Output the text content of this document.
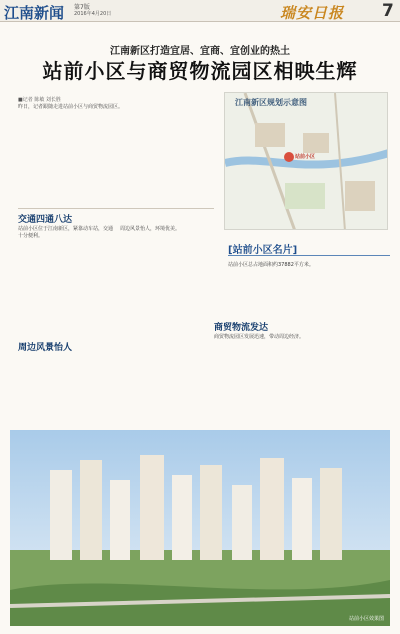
江南新闻 第7版
2016年4月20日	瑞安日报 7
江南新区打造宜居、宜商、宜创业的热土
站前小区与商贸物流园区相映生辉
■记者 陈敏 刘长胜
昨日，记者跟随走进站前小区与商贸物流园区。	江南新区规划示意图
站前小区
交通四通八达
站前小区位于江南新区，紧靠动车站，交通十分便利。
周边风景怡人，环境优美。
[站前小区名片]
站前小区总占地面积约37882平方米。
周边风景怡人
商贸物流发达
商贸物流园区发展迅速，带动周边经济。
站前小区效果图
